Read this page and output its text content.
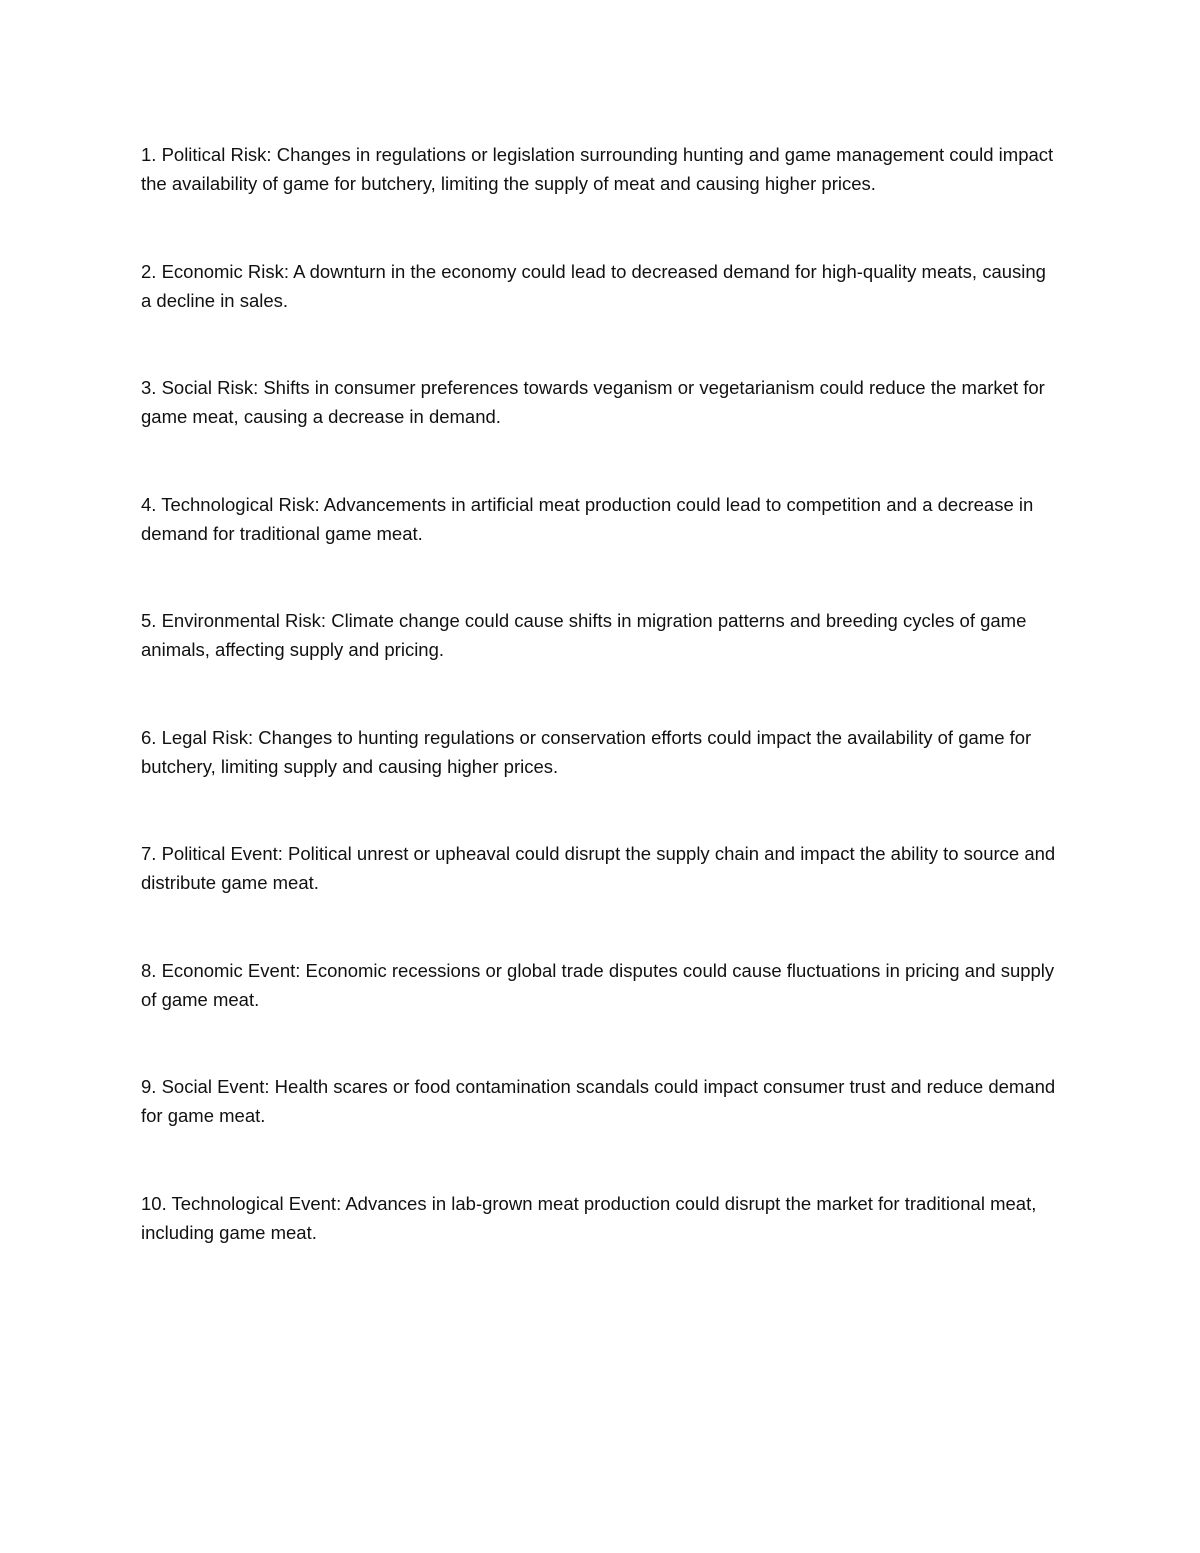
1. Political Risk: Changes in regulations or legislation surrounding hunting and game management could impact the availability of game for butchery, limiting the supply of meat and causing higher prices.

2. Economic Risk: A downturn in the economy could lead to decreased demand for high-quality meats, causing a decline in sales.

3. Social Risk: Shifts in consumer preferences towards veganism or vegetarianism could reduce the market for game meat, causing a decrease in demand.

4. Technological Risk: Advancements in artificial meat production could lead to competition and a decrease in demand for traditional game meat.

5. Environmental Risk: Climate change could cause shifts in migration patterns and breeding cycles of game animals, affecting supply and pricing.

6. Legal Risk: Changes to hunting regulations or conservation efforts could impact the availability of game for butchery, limiting supply and causing higher prices.

7. Political Event: Political unrest or upheaval could disrupt the supply chain and impact the ability to source and distribute game meat.

8. Economic Event: Economic recessions or global trade disputes could cause fluctuations in pricing and supply of game meat.

9. Social Event: Health scares or food contamination scandals could impact consumer trust and reduce demand for game meat.

10. Technological Event: Advances in lab-grown meat production could disrupt the market for traditional meat, including game meat.
